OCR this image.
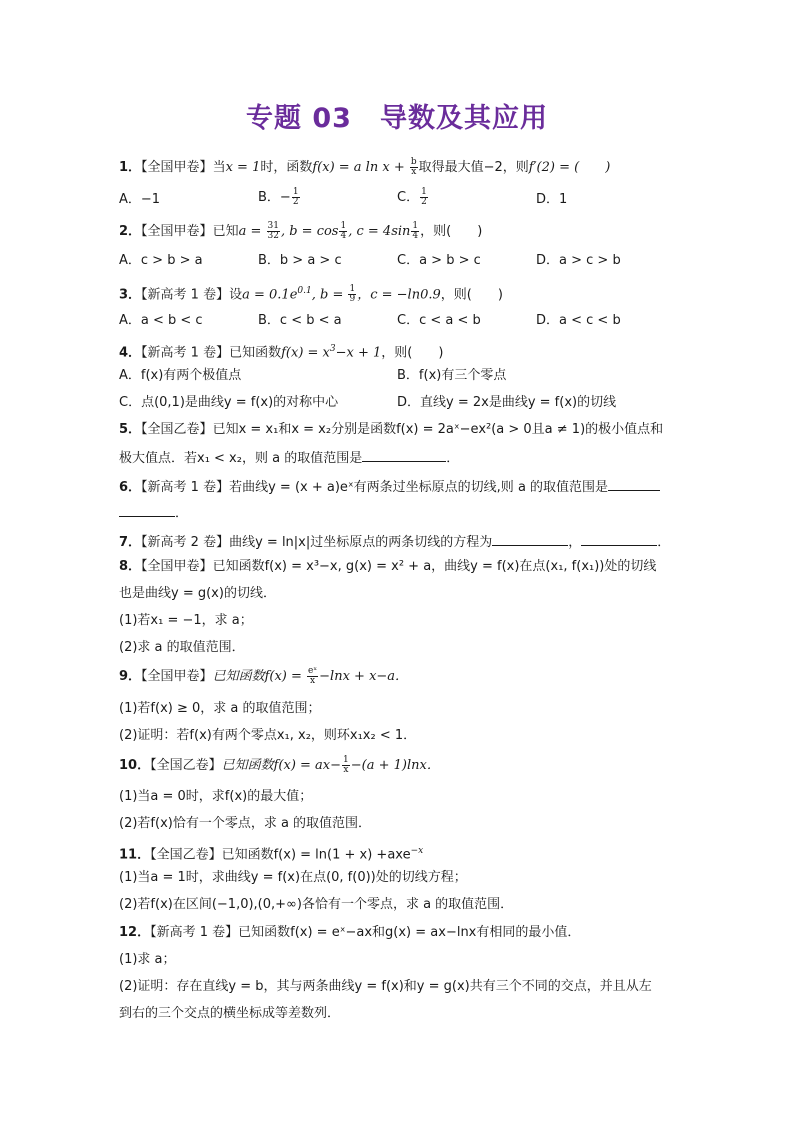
专题 03　导数及其应用
1．【全国甲卷】当x = 1时，函数f(x) = a $\ln x + \frac{b}{x}$ 取得最大值−2，则f′(2) = (　　)
A．−1	B．− $\frac{1}{2}$	C． $\frac{1}{2}$	D．1
2．【全国甲卷】已知$a = \frac{31}{32}$ , $b = \cos \frac{1}{4}$ , $c = 4\sin \frac{1}{4}$ ，则(　　)
A．c > b > a	B．b > a > c	C．a > b > c	D．a > c > b
3．【新高考 1 卷】设$a = 0.1e^{0.1}$, $b = \frac{1}{9}$ ，c = −ln0.9，则(　　)
A．a < b < c	B．c < b < a	C．c < a < b	D．a < c < b
4．【新高考 1 卷】已知函数$f(x) = x^3-x + 1$，则(　　)
A．f(x)有两个极值点	B．f(x)有三个零点
C．点(0,1)是曲线y = f(x)的对称中心	D．直线y = 2x是曲线y = f(x)的切线
5．【全国乙卷】已知x = x₁和x = x₂分别是函数f(x) = 2aˣ−ex²(a > 0且a ≠ 1)的极小值点和
极大值点．若x₁ < x₂，则 a 的取值范围是	．
6．【新高考 1 卷】若曲线y = (x + a)eˣ有两条过坐标原点的切线,则 a 的取值范围是
．
7．【新高考 2 卷】曲线y = ln|x|过坐标原点的两条切线的方程为	，	．
8．【全国甲卷】已知函数f(x) = x³−x, g(x) = x² + a，曲线y = f(x)在点(x₁, f(x₁))处的切线
也是曲线y = g(x)的切线．
(1)若x₁ = −1，求 a；
(2)求 a 的取值范围．
9．【全国甲卷】已知函数$f(x) = \frac{\text{eˣ}}{x} -\ln x + x-a$．
(1)若f(x) ≥ 0，求 a 的取值范围；
(2)证明：若f(x)有两个零点x₁, x₂，则环x₁x₂ < 1．
10．【全国乙卷】已知函数$f(x) = ax- \frac{1}{x} -(a + 1)\ln x$．
(1)当a = 0时，求f(x)的最大值；
(2)若f(x)恰有一个零点，求 a 的取值范围．
11．【全国乙卷】已知函数f(x) = ln(1 + x) +axe$^{-x}$
(1)当a = 1时，求曲线y = f(x)在点(0, f(0))处的切线方程；
(2)若f(x)在区间(−1,0),(0,+∞)各恰有一个零点，求 a 的取值范围．
12．【新高考 1 卷】已知函数f(x) = eˣ−ax和g(x) = ax−lnx有相同的最小值．
(1)求 a；
(2)证明：存在直线y = b，其与两条曲线y = f(x)和y = g(x)共有三个不同的交点，并且从左
到右的三个交点的横坐标成等差数列．
